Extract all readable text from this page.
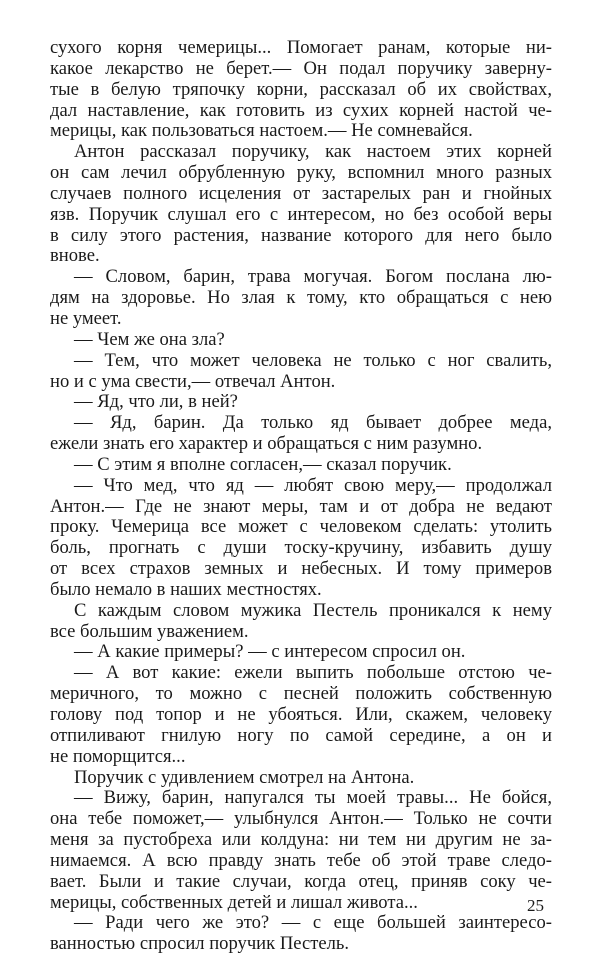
сухого корня чемерицы... Помогает ранам, которые ни-
какое лекарство не берет.— Он подал поручику заверну-
тые в белую тряпочку корни, рассказал об их свойствах,
дал наставление, как готовить из сухих корней настой че-
мерицы, как пользоваться настоем.— Не сомневайся.
Антон рассказал поручику, как настоем этих корней
он сам лечил обрубленную руку, вспомнил много разных
случаев полного исцеления от застарелых ран и гнойных
язв. Поручик слушал его с интересом, но без особой веры
в силу этого растения, название которого для него было
внове.
— Словом, барин, трава могучая. Богом послана лю-
дям на здоровье. Но злая к тому, кто обращаться с нею
не умеет.
— Чем же она зла?
— Тем, что может человека не только с ног свалить,
но и с ума свести,— отвечал Антон.
— Яд, что ли, в ней?
— Яд, барин. Да только яд бывает добрее меда,
ежели знать его характер и обращаться с ним разумно.
— С этим я вполне согласен,— сказал поручик.
— Что мед, что яд — любят свою меру,— продолжал
Антон.— Где не знают меры, там и от добра не ведают
проку. Чемерица все может с человеком сделать: утолить
боль, прогнать с души тоску-кручину, избавить душу
от всех страхов земных и небесных. И тому примеров
было немало в наших местностях.
С каждым словом мужика Пестель проникался к нему
все большим уважением.
— А какие примеры? — с интересом спросил он.
— А вот какие: ежели выпить побольше отстою че-
меричного, то можно с песней положить собственную
голову под топор и не убояться. Или, скажем, человеку
отпиливают гнилую ногу по самой середине, а он и
не поморщится...
Поручик с удивлением смотрел на Антона.
— Вижу, барин, напугался ты моей травы... Не бойся,
она тебе поможет,— улыбнулся Антон.— Только не сочти
меня за пустобреха или колдуна: ни тем ни другим не за-
нимаемся. А всю правду знать тебе об этой траве следо-
вает. Были и такие случаи, когда отец, приняв соку че-
мерицы, собственных детей и лишал живота...
— Ради чего же это? — с еще большей заинтересо-
ванностью спросил поручик Пестель.
25
